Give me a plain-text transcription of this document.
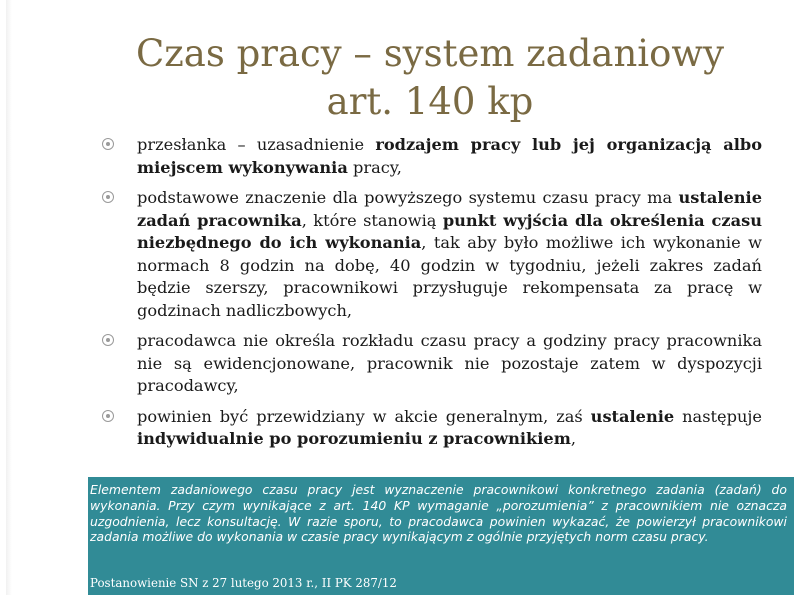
Czas pracy – system zadaniowy
art. 140 kp
przesłanka – uzasadnienie rodzajem pracy lub jej organizacją albo miejscem wykonywania pracy,
podstawowe znaczenie dla powyższego systemu czasu pracy ma ustalenie zadań pracownika, które stanowią punkt wyjścia dla określenia czasu niezbędnego do ich wykonania, tak aby było możliwe ich wykonanie w normach 8 godzin na dobę, 40 godzin w tygodniu, jeżeli zakres zadań będzie szerszy, pracownikowi przysługuje rekompensata za pracę w godzinach nadliczbowych,
pracodawca nie określa rozkładu czasu pracy a godziny pracy pracownika nie są ewidencjonowane, pracownik nie pozostaje zatem w dyspozycji pracodawcy,
powinien być przewidziany w akcie generalnym, zaś ustalenie następuje indywidualnie po porozumieniu z pracownikiem,

Elementem zadaniowego czasu pracy jest wyznaczenie pracownikowi konkretnego zadania (zadań) do wykonania. Przy czym wynikające z art. 140 KP wymaganie „porozumienia” z pracownikiem nie oznacza uzgodnienia, lecz konsultację. W razie sporu, to pracodawca powinien wykazać, że powierzył pracownikowi zadania możliwe do wykonania w czasie pracy wynikającym z ogólnie przyjętych norm czasu pracy.

Postanowienie SN z 27 lutego 2013 r., II PK 287/12
